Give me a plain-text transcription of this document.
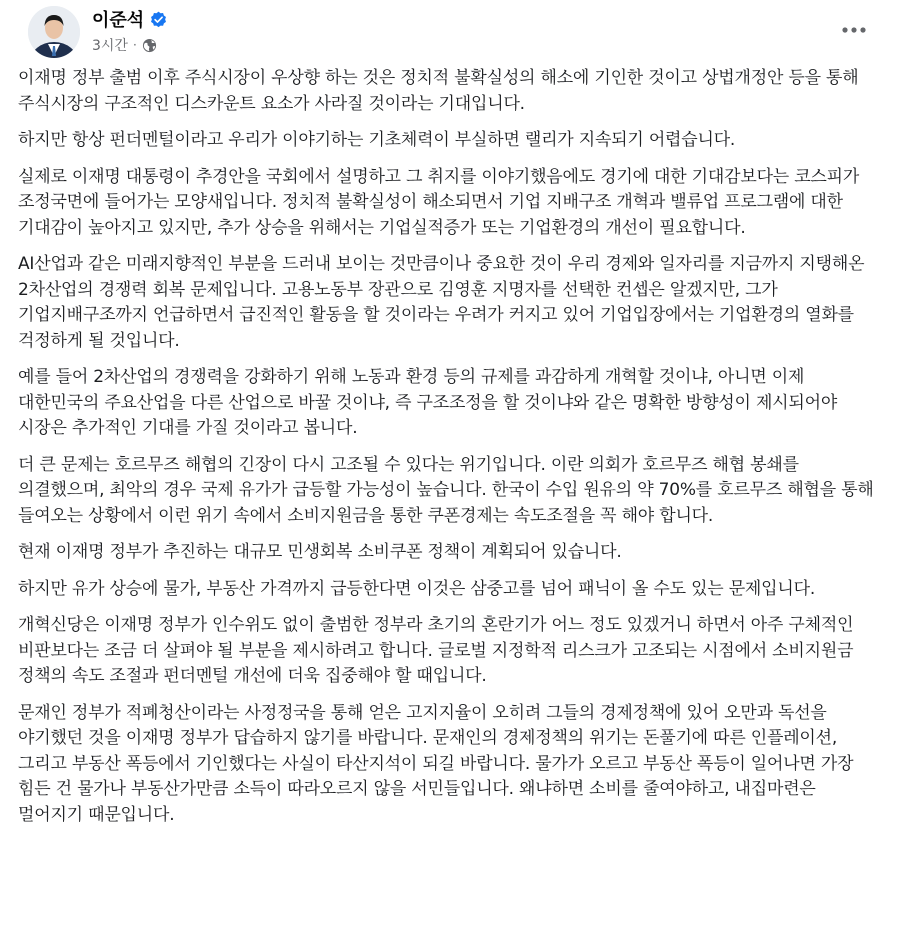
이준석
3시간 ·

이재명 정부 출범 이후 주식시장이 우상향 하는 것은 정치적 불확실성의 해소에 기인한 것이고 상법개정안 등을 통해 주식시장의 구조적인 디스카운트 요소가 사라질 것이라는 기대입니다.

하지만 항상 펀더멘털이라고 우리가 이야기하는 기초체력이 부실하면 랠리가 지속되기 어렵습니다.

실제로 이재명 대통령이 추경안을 국회에서 설명하고 그 취지를 이야기했음에도 경기에 대한 기대감보다는 코스피가 조정국면에 들어가는 모양새입니다. 정치적 불확실성이 해소되면서 기업 지배구조 개혁과 밸류업 프로그램에 대한 기대감이 높아지고 있지만, 추가 상승을 위해서는 기업실적증가 또는 기업환경의 개선이 필요합니다.

AI산업과 같은 미래지향적인 부분을 드러내 보이는 것만큼이나 중요한 것이 우리 경제와 일자리를 지금까지 지탱해온 2차산업의 경쟁력 회복 문제입니다. 고용노동부 장관으로 김영훈 지명자를 선택한 컨셉은 알겠지만, 그가 기업지배구조까지 언급하면서 급진적인 활동을 할 것이라는 우려가 커지고 있어 기업입장에서는 기업환경의 열화를 걱정하게 될 것입니다.

예를 들어 2차산업의 경쟁력을 강화하기 위해 노동과 환경 등의 규제를 과감하게 개혁할 것이냐, 아니면 이제 대한민국의 주요산업을 다른 산업으로 바꿀 것이냐, 즉 구조조정을 할 것이냐와 같은 명확한 방향성이 제시되어야 시장은 추가적인 기대를 가질 것이라고 봅니다.

더 큰 문제는 호르무즈 해협의 긴장이 다시 고조될 수 있다는 위기입니다. 이란 의회가 호르무즈 해협 봉쇄를 의결했으며, 최악의 경우 국제 유가가 급등할 가능성이 높습니다. 한국이 수입 원유의 약 70%를 호르무즈 해협을 통해 들여오는 상황에서 이런 위기 속에서 소비지원금을 통한 쿠폰경제는 속도조절을 꼭 해야 합니다.

현재 이재명 정부가 추진하는 대규모 민생회복 소비쿠폰 정책이 계획되어 있습니다.

하지만 유가 상승에 물가, 부동산 가격까지 급등한다면 이것은 삼중고를 넘어 패닉이 올 수도 있는 문제입니다.

개혁신당은 이재명 정부가 인수위도 없이 출범한 정부라 초기의 혼란기가 어느 정도 있겠거니 하면서 아주 구체적인 비판보다는 조금 더 살펴야 될 부분을 제시하려고 합니다. 글로벌 지정학적 리스크가 고조되는 시점에서 소비지원금 정책의 속도 조절과 펀더멘털 개선에 더욱 집중해야 할 때입니다.

문재인 정부가 적폐청산이라는 사정정국을 통해 얻은 고지지율이 오히려 그들의 경제정책에 있어 오만과 독선을 야기했던 것을 이재명 정부가 답습하지 않기를 바랍니다. 문재인의 경제정책의 위기는 돈풀기에 따른 인플레이션, 그리고 부동산 폭등에서 기인했다는 사실이 타산지석이 되길 바랍니다. 물가가 오르고 부동산 폭등이 일어나면 가장 힘든 건 물가나 부동산가만큼 소득이 따라오르지 않을 서민들입니다. 왜냐하면 소비를 줄여야하고, 내집마련은 멀어지기 때문입니다.
